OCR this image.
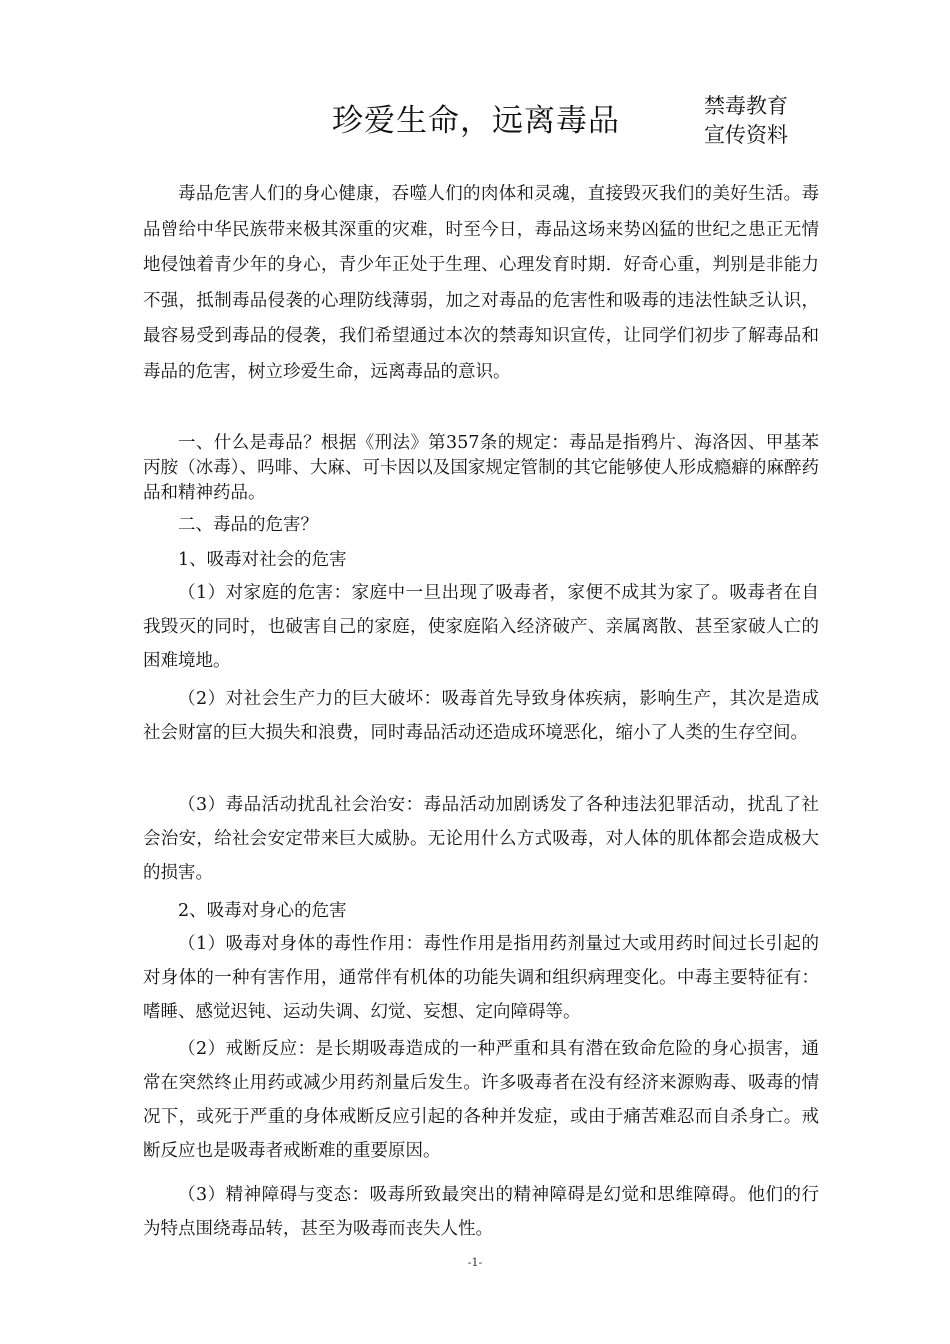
珍爱生命，远离毒品	禁毒教育
宣传资料

毒品危害人们的身心健康，吞噬人们的肉体和灵魂，直接毁灭我们的美好生活。毒品曾给中华民族带来极其深重的灾难，时至今日，毒品这场来势凶猛的世纪之患正无情地侵蚀着青少年的身心，青少年正处于生理、心理发育时期．好奇心重，判别是非能力不强，抵制毒品侵袭的心理防线薄弱，加之对毒品的危害性和吸毒的违法性缺乏认识，最容易受到毒品的侵袭，我们希望通过本次的禁毒知识宣传，让同学们初步了解毒品和毒品的危害，树立珍爱生命，远离毒品的意识。

一、什么是毒品？根据《刑法》第357条的规定：毒品是指鸦片、海洛因、甲基苯丙胺（冰毒）、吗啡、大麻、可卡因以及国家规定管制的其它能够使人形成瘾癖的麻醉药品和精神药品。

二、毒品的危害？

1、吸毒对社会的危害

（1）对家庭的危害：家庭中一旦出现了吸毒者，家便不成其为家了。吸毒者在自我毁灭的同时，也破害自己的家庭，使家庭陷入经济破产、亲属离散、甚至家破人亡的困难境地。

（2）对社会生产力的巨大破坏：吸毒首先导致身体疾病，影响生产，其次是造成社会财富的巨大损失和浪费，同时毒品活动还造成环境恶化，缩小了人类的生存空间。

（3）毒品活动扰乱社会治安：毒品活动加剧诱发了各种违法犯罪活动，扰乱了社会治安，给社会安定带来巨大威胁。无论用什么方式吸毒，对人体的肌体都会造成极大的损害。

2、吸毒对身心的危害

（1）吸毒对身体的毒性作用：毒性作用是指用药剂量过大或用药时间过长引起的对身体的一种有害作用，通常伴有机体的功能失调和组织病理变化。中毒主要特征有：嗜睡、感觉迟钝、运动失调、幻觉、妄想、定向障碍等。

（2）戒断反应：是长期吸毒造成的一种严重和具有潜在致命危险的身心损害，通常在突然终止用药或减少用药剂量后发生。许多吸毒者在没有经济来源购毒、吸毒的情况下，或死于严重的身体戒断反应引起的各种并发症，或由于痛苦难忍而自杀身亡。戒断反应也是吸毒者戒断难的重要原因。

（3）精神障碍与变态：吸毒所致最突出的精神障碍是幻觉和思维障碍。他们的行为特点围绕毒品转，甚至为吸毒而丧失人性。

-1-
